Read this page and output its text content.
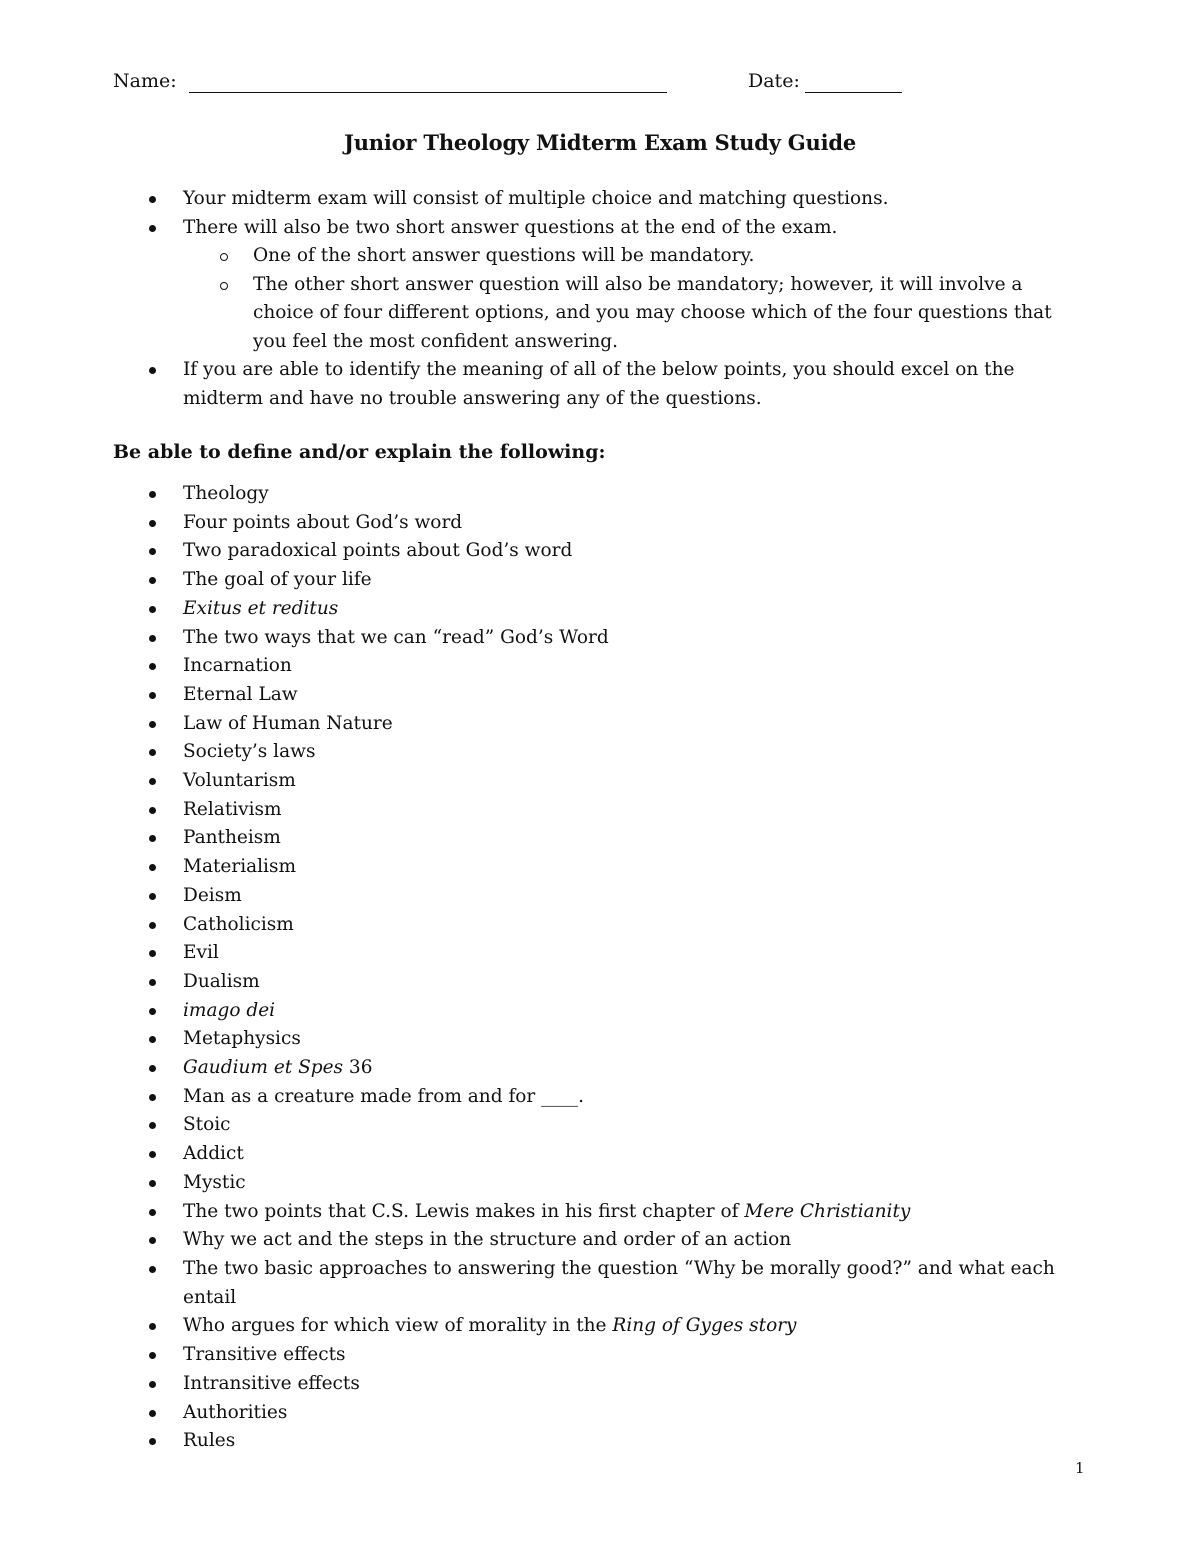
Name:	Date:
Junior Theology Midterm Exam Study Guide
Your midterm exam will consist of multiple choice and matching questions.
There will also be two short answer questions at the end of the exam.
One of the short answer questions will be mandatory.
The other short answer question will also be mandatory; however, it will involve a choice of four different options, and you may choose which of the four questions that you feel the most confident answering.
If you are able to identify the meaning of all of the below points, you should excel on the midterm and have no trouble answering any of the questions.
Be able to define and/or explain the following:
Theology
Four points about God’s word
Two paradoxical points about God’s word
The goal of your life
Exitus et reditus
The two ways that we can “read” God’s Word
Incarnation
Eternal Law
Law of Human Nature
Society’s laws
Voluntarism
Relativism
Pantheism
Materialism
Deism
Catholicism
Evil
Dualism
imago dei
Metaphysics
Gaudium et Spes 36
Man as a creature made from and for ____.
Stoic
Addict
Mystic
The two points that C.S. Lewis makes in his first chapter of Mere Christianity
Why we act and the steps in the structure and order of an action
The two basic approaches to answering the question “Why be morally good?” and what each entail
Who argues for which view of morality in the Ring of Gyges story
Transitive effects
Intransitive effects
Authorities
Rules
1
